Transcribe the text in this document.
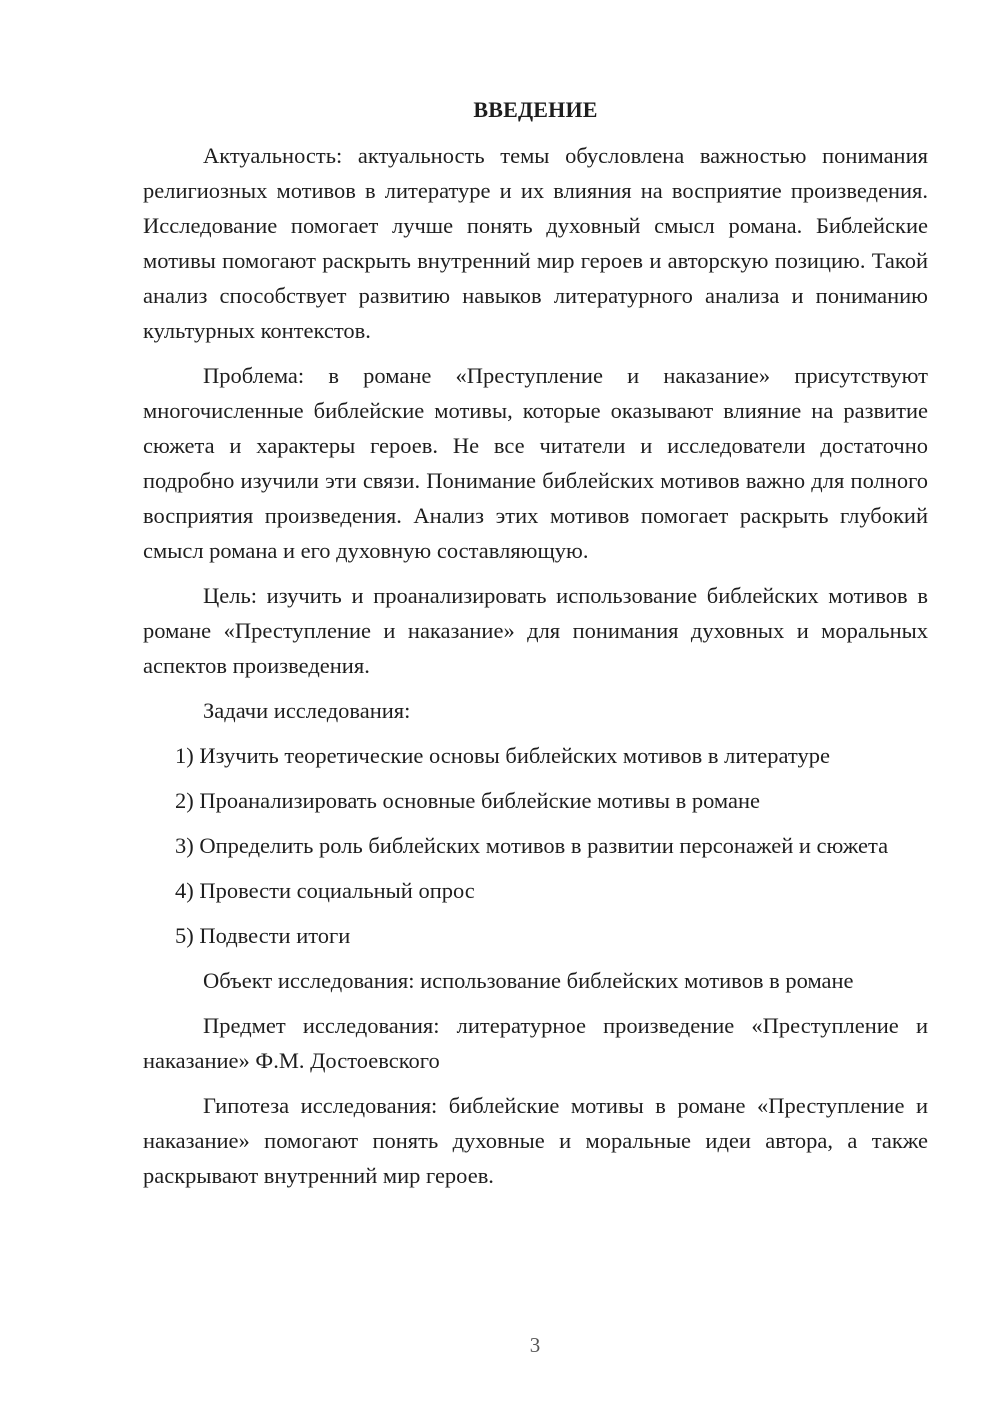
ВВЕДЕНИЕ

Актуальность: актуальность темы обусловлена важностью понимания религиозных мотивов в литературе и их влияния на восприятие произведения. Исследование помогает лучше понять духовный смысл романа. Библейские мотивы помогают раскрыть внутренний мир героев и авторскую позицию. Такой анализ способствует развитию навыков литературного анализа и пониманию культурных контекстов.

Проблема: в романе «Преступление и наказание» присутствуют многочисленные библейские мотивы, которые оказывают влияние на развитие сюжета и характеры героев. Не все читатели и исследователи достаточно подробно изучили эти связи. Понимание библейских мотивов важно для полного восприятия произведения. Анализ этих мотивов помогает раскрыть глубокий смысл романа и его духовную составляющую.

Цель: изучить и проанализировать использование библейских мотивов в романе «Преступление и наказание» для понимания духовных и моральных аспектов произведения.

Задачи исследования:

1) Изучить теоретические основы библейских мотивов в литературе

2) Проанализировать основные библейские мотивы в романе

3) Определить роль библейских мотивов в развитии персонажей и сюжета

4) Провести социальный опрос

5) Подвести итоги

Объект исследования: использование библейских мотивов в романе

Предмет исследования: литературное произведение «Преступление и наказание» Ф.М. Достоевского

Гипотеза исследования: библейские мотивы в романе «Преступление и наказание» помогают понять духовные и моральные идеи автора, а также раскрывают внутренний мир героев.

3
